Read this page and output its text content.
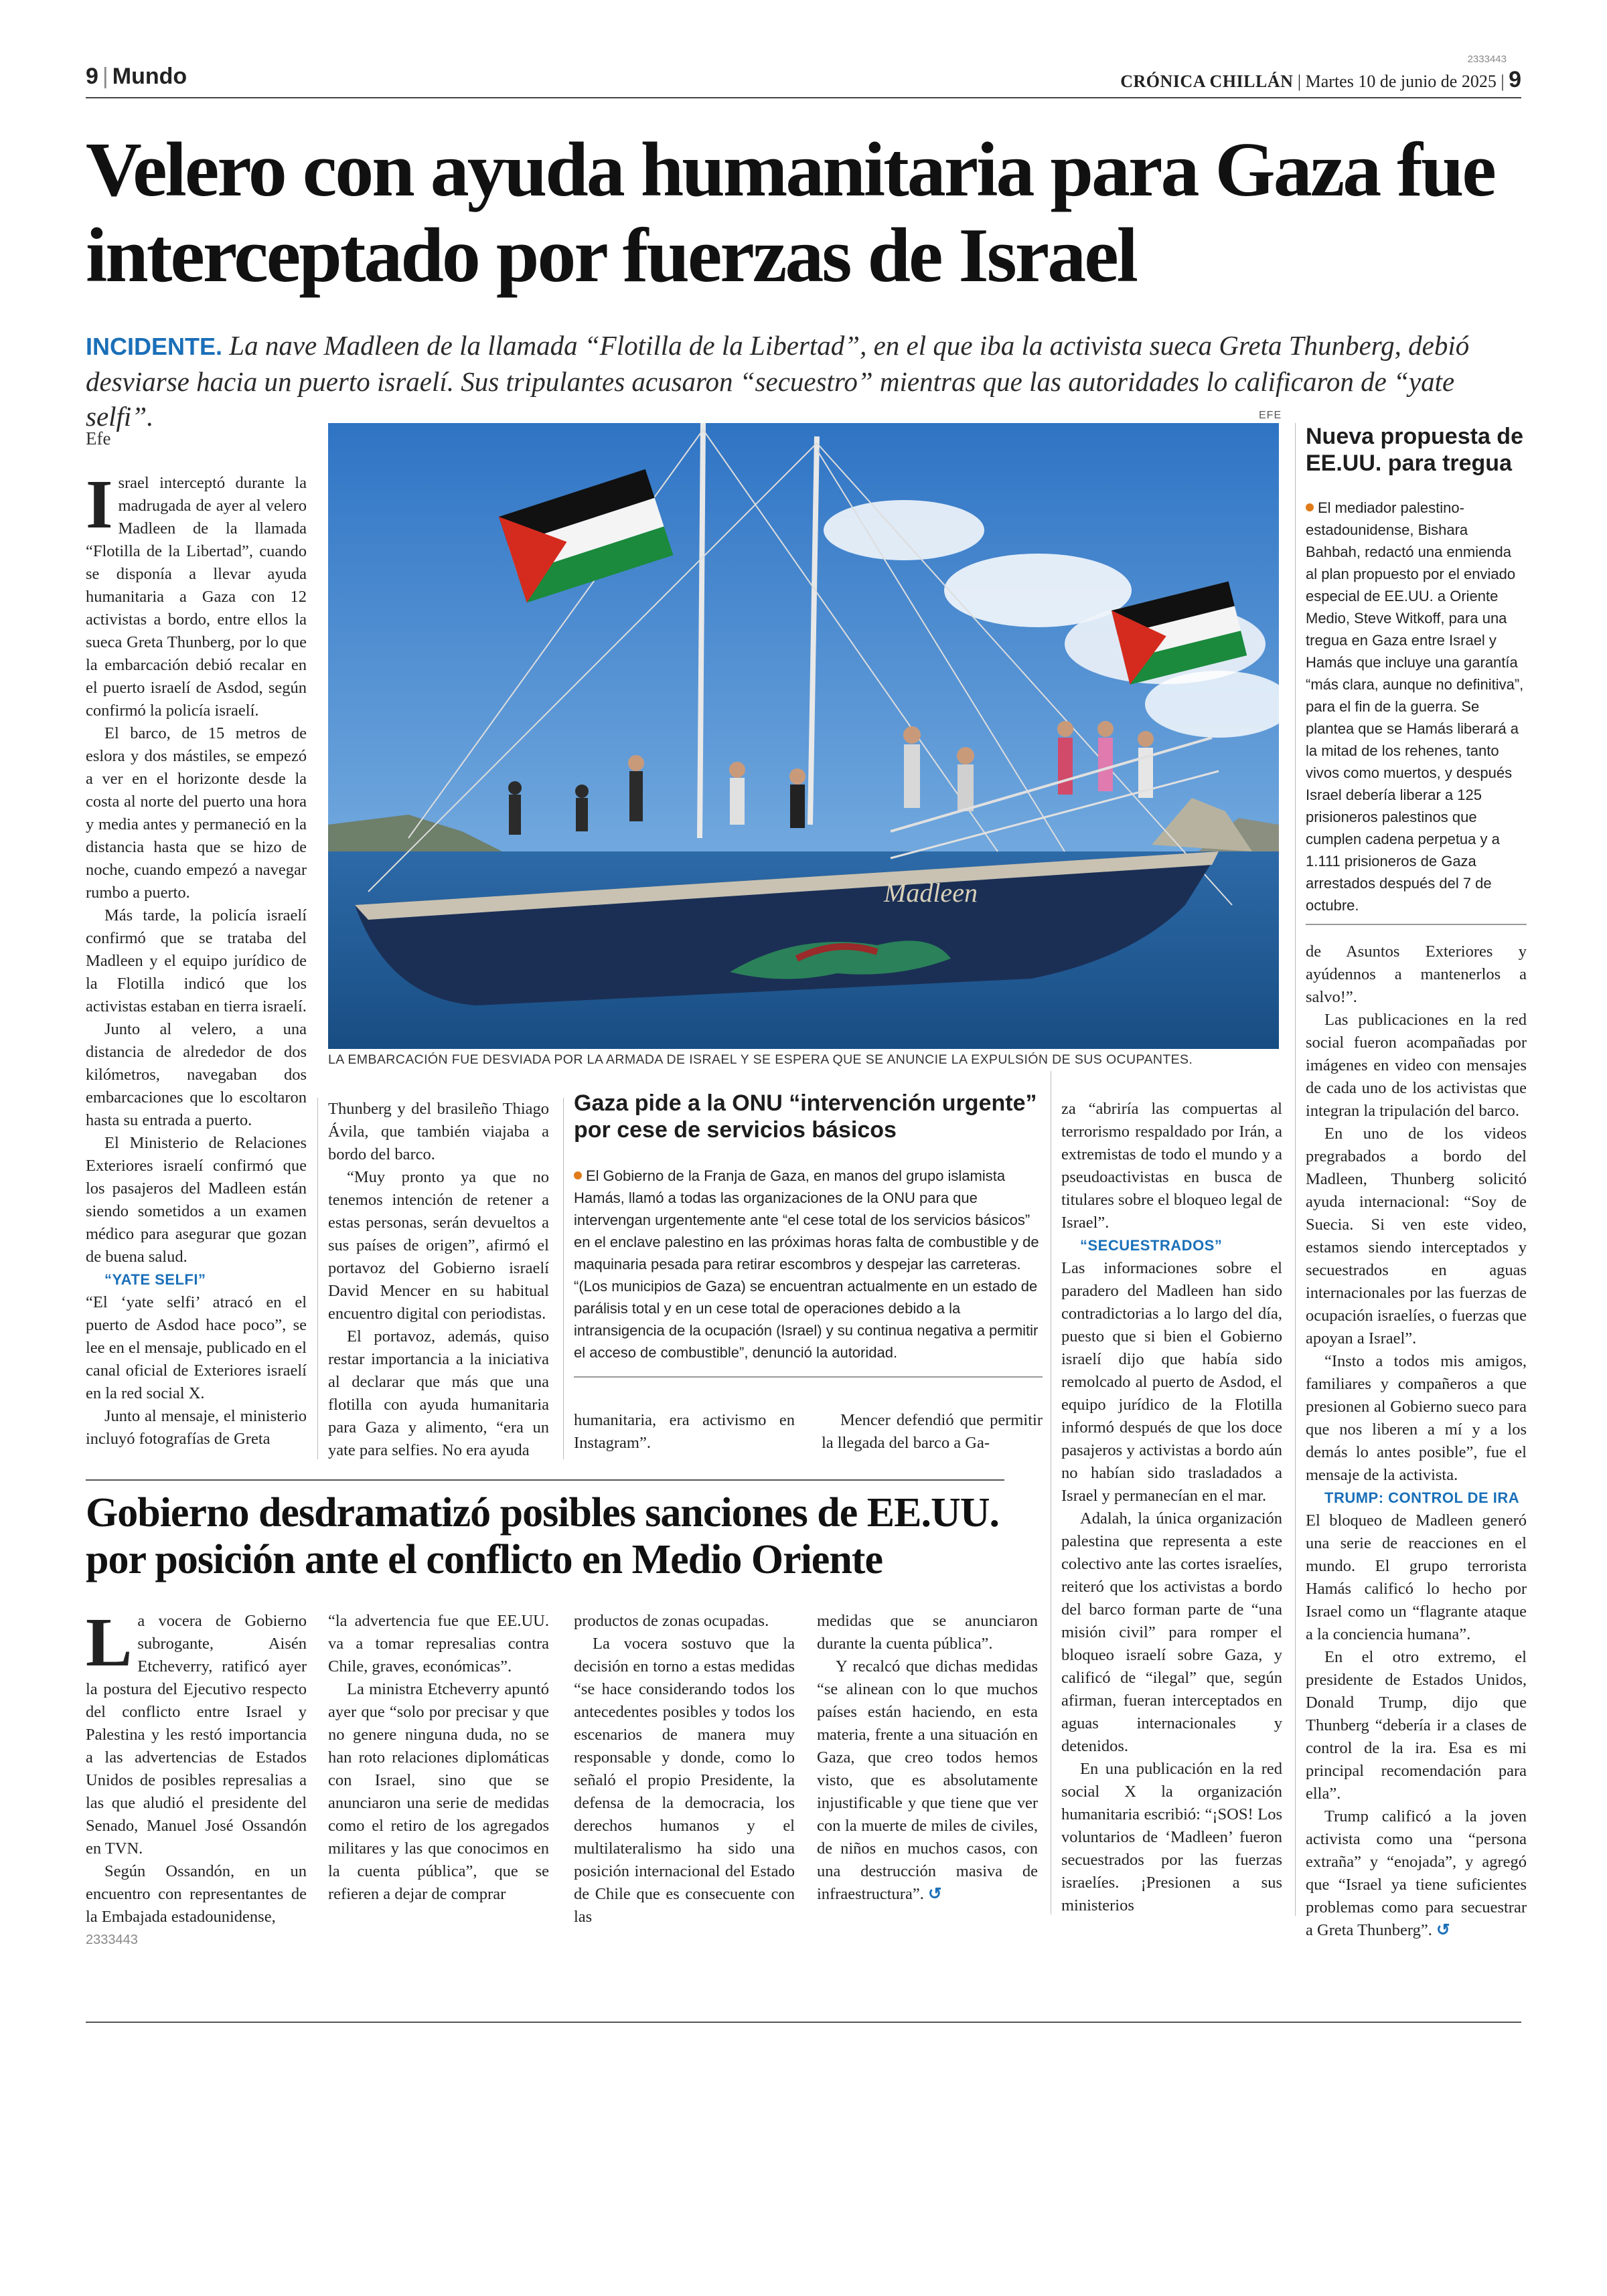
9 | Mundo	CRÓNICA CHILLÁN | Martes 10 de junio de 2025 | 9
2333443
Velero con ayuda humanitaria para Gaza fue interceptado por fuerzas de Israel

INCIDENTE. La nave Madleen de la llamada “Flotilla de la Libertad”, en el que iba la activista sueca Greta Thunberg, debió desviarse hacia un puerto israelí. Sus tripulantes acusaron “secuestro” mientras que las autoridades lo calificaron de “yate selfi”.

Efe
EFE

Israel interceptó durante la madrugada de ayer al velero Madleen de la llamada “Flotilla de la Libertad”, cuando se disponía a llevar ayuda humanitaria a Gaza con 12 activistas a bordo, entre ellos la sueca Greta Thunberg, por lo que la embarcación debió recalar en el puerto israelí de Asdod, según confirmó la policía israelí.

El barco, de 15 metros de eslora y dos mástiles, se empezó a ver en el horizonte desde la costa al norte del puerto una hora y media antes y permaneció en la distancia hasta que se hizo de noche, cuando empezó a navegar rumbo a puerto.

Más tarde, la policía israelí confirmó que se trataba del Madleen y el equipo jurídico de la Flotilla indicó que los activistas estaban en tierra israelí.

Junto al velero, a una distancia de alrededor de dos kilómetros, navegaban dos embarcaciones que lo escoltaron hasta su entrada a puerto.

El Ministerio de Relaciones Exteriores israelí confirmó que los pasajeros del Madleen están siendo sometidos a un examen médico para asegurar que gozan de buena salud.

“YATE SELFI”

“El ‘yate selfi’ atracó en el puerto de Asdod hace poco”, se lee en el mensaje, publicado en el canal oficial de Exteriores israelí en la red social X.

Junto al mensaje, el ministerio incluyó fotografías de Greta

Madleen
LA EMBARCACIÓN FUE DESVIADA POR LA ARMADA DE ISRAEL Y SE ESPERA QUE SE ANUNCIE LA EXPULSIÓN DE SUS OCUPANTES.
Nueva propuesta de EE.UU. para tregua

El mediador palestino-estadounidense, Bishara Bahbah, redactó una enmienda al plan propuesto por el enviado especial de EE.UU. a Oriente Medio, Steve Witkoff, para una tregua en Gaza entre Israel y Hamás que incluye una garantía “más clara, aunque no definitiva”, para el fin de la guerra. Se plantea que se Hamás liberará a la mitad de los rehenes, tanto vivos como muertos, y después Israel debería liberar a 125 prisioneros palestinos que cumplen cadena perpetua y a 1.111 prisioneros de Gaza arrestados después del 7 de octubre.

Thunberg y del brasileño Thiago Ávila, que también viajaba a bordo del barco.

“Muy pronto ya que no tenemos intención de retener a estas personas, serán devueltos a sus países de origen”, afirmó el portavoz del Gobierno israelí David Mencer en su habitual encuentro digital con periodistas.

El portavoz, además, quiso restar importancia a la iniciativa al declarar que más que una flotilla con ayuda humanitaria para Gaza y alimento, “era un yate para selfies. No era ayuda

Gaza pide a la ONU “intervención urgente” por cese de servicios básicos

El Gobierno de la Franja de Gaza, en manos del grupo islamista Hamás, llamó a todas las organizaciones de la ONU para que intervengan urgentemente ante “el cese total de los servicios básicos” en el enclave palestino en las próximas horas falta de combustible y de maquinaria pesada para retirar escombros y despejar las carreteras. “(Los municipios de Gaza) se encuentran actualmente en un estado de parálisis total y en un cese total de operaciones debido a la intransigencia de la ocupación (Israel) y su continua negativa a permitir el acceso de combustible”, denunció la autoridad.

humanitaria, era activismo en Instagram”.

Mencer defendió que permitir la llegada del barco a Ga-

za “abriría las compuertas al terrorismo respaldado por Irán, a extremistas de todo el mundo y a pseudoactivistas en busca de titulares sobre el bloqueo legal de Israel”.

“SECUESTRADOS”

Las informaciones sobre el paradero del Madleen han sido contradictorias a lo largo del día, puesto que si bien el Gobierno israelí dijo que había sido remolcado al puerto de Asdod, el equipo jurídico de la Flotilla informó después de que los doce pasajeros y activistas a bordo aún no habían sido trasladados a Israel y permanecían en el mar.

Adalah, la única organización palestina que representa a este colectivo ante las cortes israelíes, reiteró que los activistas a bordo del barco forman parte de “una misión civil” para romper el bloqueo israelí sobre Gaza, y calificó de “ilegal” que, según afirman, fueran interceptados en aguas internacionales y detenidos.

En una publicación en la red social X la organización humanitaria escribió: “¡SOS! Los voluntarios de ‘Madleen’ fueron secuestrados por las fuerzas israelíes. ¡Presionen a sus ministerios

de Asuntos Exteriores y ayúdennos a mantenerlos a salvo!”.

Las publicaciones en la red social fueron acompañadas por imágenes en video con mensajes de cada uno de los activistas que integran la tripulación del barco.

En uno de los videos pregrabados a bordo del Madleen, Thunberg solicitó ayuda internacional: “Soy de Suecia. Si ven este video, estamos siendo interceptados y secuestrados en aguas internacionales por las fuerzas de ocupación israelíes, o fuerzas que apoyan a Israel”.

“Insto a todos mis amigos, familiares y compañeros a que presionen al Gobierno sueco para que nos liberen a mí y a los demás lo antes posible”, fue el mensaje de la activista.

TRUMP: CONTROL DE IRA

El bloqueo de Madleen generó una serie de reacciones en el mundo. El grupo terrorista Hamás calificó lo hecho por Israel como un “flagrante ataque a la conciencia humana”.

En el otro extremo, el presidente de Estados Unidos, Donald Trump, dijo que Thunberg “debería ir a clases de control de la ira. Esa es mi principal recomendación para ella”.

Trump calificó a la joven activista como una “persona extraña” y “enojada”, y agregó que “Israel ya tiene suficientes problemas como para secuestrar a Greta Thunberg”. ↺

Gobierno desdramatizó posibles sanciones de EE.UU. por posición ante el conflicto en Medio Oriente

La vocera de Gobierno subrogante, Aisén Etcheverry, ratificó ayer la postura del Ejecutivo respecto del conflicto entre Israel y Palestina y les restó importancia a las advertencias de Estados Unidos de posibles represalias a las que aludió el presidente del Senado, Manuel José Ossandón en TVN.

Según Ossandón, en un encuentro con representantes de la Embajada estadounidense,

2333443

“la advertencia fue que EE.UU. va a tomar represalias contra Chile, graves, económicas”.

La ministra Etcheverry apuntó ayer que “solo por precisar y que no genere ninguna duda, no se han roto relaciones diplomáticas con Israel, sino que se anunciaron una serie de medidas como el retiro de los agregados militares y las que conocimos en la cuenta pública”, que se refieren a dejar de comprar

productos de zonas ocupadas.

La vocera sostuvo que la decisión en torno a estas medidas “se hace considerando todos los antecedentes posibles y todos los escenarios de manera muy responsable y donde, como lo señaló el propio Presidente, la defensa de la democracia, los derechos humanos y el multilateralismo ha sido una posición internacional del Estado de Chile que es consecuente con las

medidas que se anunciaron durante la cuenta pública”.

Y recalcó que dichas medidas “se alinean con lo que muchos países están haciendo, en esta materia, frente a una situación en Gaza, que creo todos hemos visto, que es absolutamente injustificable y que tiene que ver con la muerte de miles de civiles, de niños en muchos casos, con una destrucción masiva de infraestructura”. ↺
